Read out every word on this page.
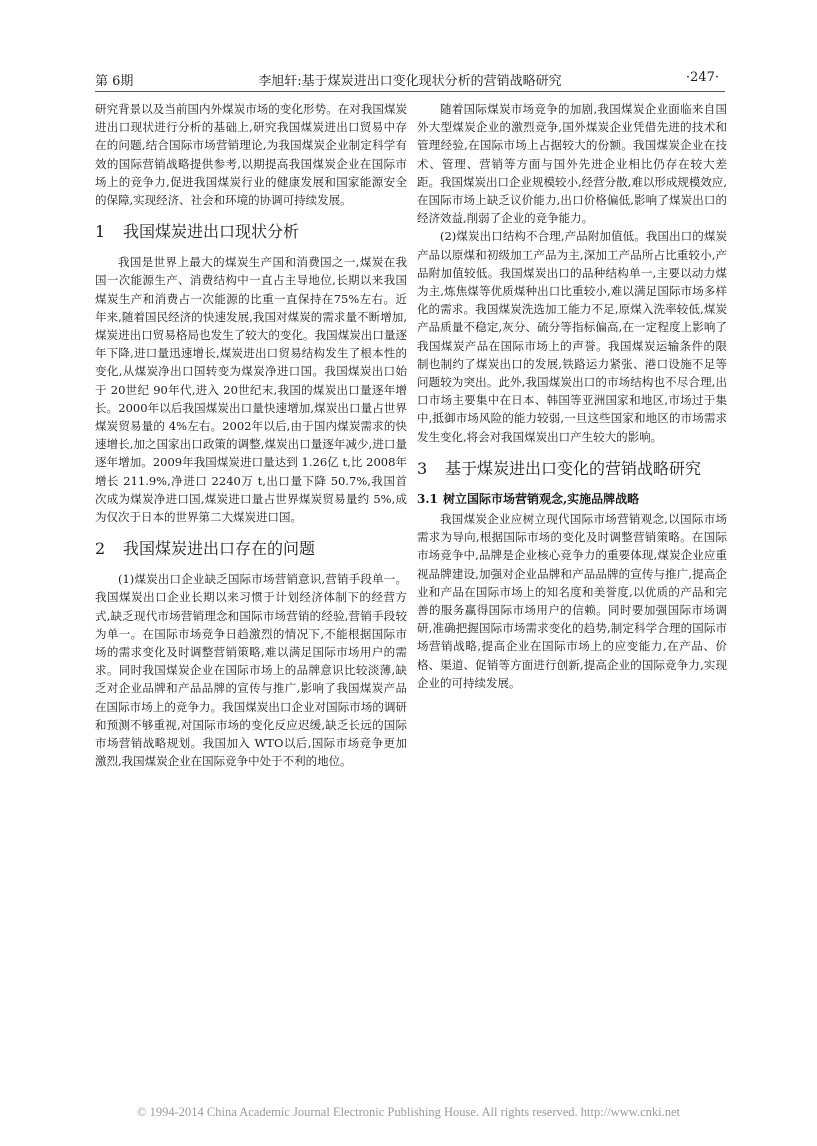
第 6期	李旭轩:基于煤炭进出口变化现状分析的营销战略研究	·247·

研究背景以及当前国内外煤炭市场的变化形势。在对我国煤炭进出口现状进行分析的基础上,研究我国煤炭进出口贸易中存在的问题,结合国际市场营销理论,为我国煤炭企业制定科学有效的国际营销战略提供参考,以期提高我国煤炭企业在国际市场上的竞争力,促进我国煤炭行业的健康发展和国家能源安全的保障,实现经济、社会和环境的协调可持续发展。

1 我国煤炭进出口现状分析

我国是世界上最大的煤炭生产国和消费国之一,煤炭在我国一次能源生产、消费结构中一直占主导地位,长期以来我国煤炭生产和消费占一次能源的比重一直保持在75%左右。近年来,随着国民经济的快速发展,我国对煤炭的需求量不断增加,煤炭进出口贸易格局也发生了较大的变化。我国煤炭出口量逐年下降,进口量迅速增长,煤炭进出口贸易结构发生了根本性的变化,从煤炭净出口国转变为煤炭净进口国。我国煤炭出口始于 20世纪 90年代,进入 20世纪末,我国的煤炭出口量逐年增长。2000年以后我国煤炭出口量快速增加,煤炭出口量占世界煤炭贸易量的 4%左右。2002年以后,由于国内煤炭需求的快速增长,加之国家出口政策的调整,煤炭出口量逐年减少,进口量逐年增加。2009年我国煤炭进口量达到 1.26亿 t,比 2008年增长 211.9%,净进口 2240万 t,出口量下降 50.7%,我国首次成为煤炭净进口国,煤炭进口量占世界煤炭贸易量约 5%,成为仅次于日本的世界第二大煤炭进口国。

2 我国煤炭进出口存在的问题

(1)煤炭出口企业缺乏国际市场营销意识,营销手段单一。我国煤炭出口企业长期以来习惯于计划经济体制下的经营方式,缺乏现代市场营销理念和国际市场营销的经验,营销手段较为单一。在国际市场竞争日趋激烈的情况下,不能根据国际市场的需求变化及时调整营销策略,难以满足国际市场用户的需求。同时我国煤炭企业在国际市场上的品牌意识比较淡薄,缺乏对企业品牌和产品品牌的宣传与推广,影响了我国煤炭产品在国际市场上的竞争力。我国煤炭出口企业对国际市场的调研和预测不够重视,对国际市场的变化反应迟缓,缺乏长远的国际市场营销战略规划。我国加入 WTO以后,国际市场竞争更加激烈,我国煤炭企业在国际竞争中处于不利的地位。

随着国际煤炭市场竞争的加剧,我国煤炭企业面临来自国外大型煤炭企业的激烈竞争,国外煤炭企业凭借先进的技术和管理经验,在国际市场上占据较大的份额。我国煤炭企业在技术、管理、营销等方面与国外先进企业相比仍存在较大差距。我国煤炭出口企业规模较小,经营分散,难以形成规模效应,在国际市场上缺乏议价能力,出口价格偏低,影响了煤炭出口的经济效益,削弱了企业的竞争能力。

(2)煤炭出口结构不合理,产品附加值低。我国出口的煤炭产品以原煤和初级加工产品为主,深加工产品所占比重较小,产品附加值较低。我国煤炭出口的品种结构单一,主要以动力煤为主,炼焦煤等优质煤种出口比重较小,难以满足国际市场多样化的需求。我国煤炭洗选加工能力不足,原煤入洗率较低,煤炭产品质量不稳定,灰分、硫分等指标偏高,在一定程度上影响了我国煤炭产品在国际市场上的声誉。我国煤炭运输条件的限制也制约了煤炭出口的发展,铁路运力紧张、港口设施不足等问题较为突出。此外,我国煤炭出口的市场结构也不尽合理,出口市场主要集中在日本、韩国等亚洲国家和地区,市场过于集中,抵御市场风险的能力较弱,一旦这些国家和地区的市场需求发生变化,将会对我国煤炭出口产生较大的影响。

3 基于煤炭进出口变化的营销战略研究
3.1 树立国际市场营销观念,实施品牌战略

我国煤炭企业应树立现代国际市场营销观念,以国际市场需求为导向,根据国际市场的变化及时调整营销策略。在国际市场竞争中,品牌是企业核心竞争力的重要体现,煤炭企业应重视品牌建设,加强对企业品牌和产品品牌的宣传与推广,提高企业和产品在国际市场上的知名度和美誉度,以优质的产品和完善的服务赢得国际市场用户的信赖。同时要加强国际市场调研,准确把握国际市场需求变化的趋势,制定科学合理的国际市场营销战略,提高企业在国际市场上的应变能力,在产品、价格、渠道、促销等方面进行创新,提高企业的国际竞争力,实现企业的可持续发展。

© 1994-2014 China Academic Journal Electronic Publishing House. All rights reserved. http://www.cnki.net
